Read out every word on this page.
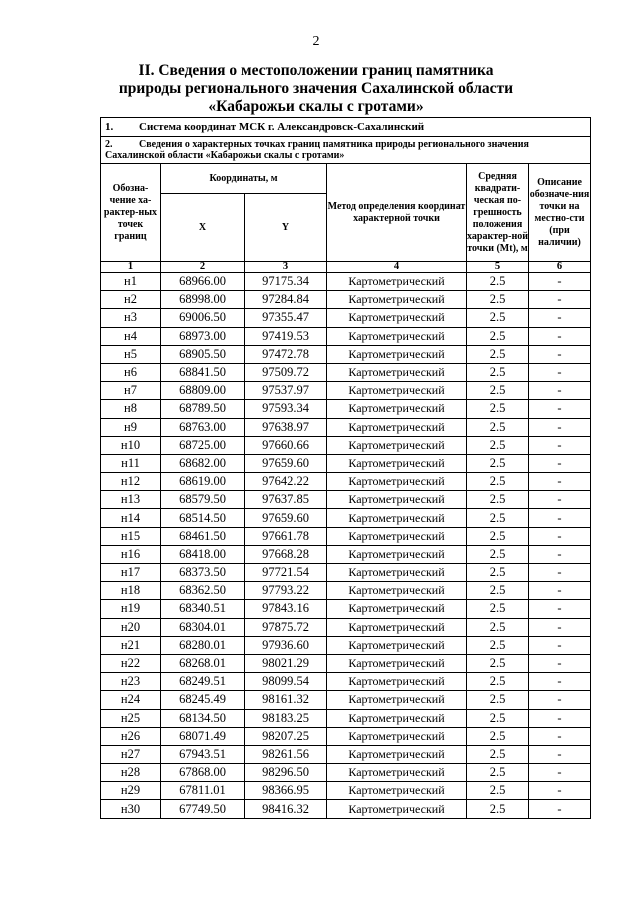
2
II. Сведения о местоположении границ памятника
природы регионального значения Сахалинской области
«Кабарожьи скалы с гротами»
1. Система координат МСК г. Александровск-Сахалинский					
2. Сведения о характерных точках границ памятника природы регионального значения Сахалинской области «Кабарожьи скалы с гротами»					
Обозна-чение ха-рактер-ных точек границ	Координаты, м		Метод определения координат характерной точки	Средняя квадрати-ческая по-грешность положения характер-ной точки (Mt), м	Описание обозначе-ния точки на местно-сти (при наличии)
	X	Y			
1	2	3	4	5	6
н1	68966.00	97175.34	Картометрический	2.5	-
н2	68998.00	97284.84	Картометрический	2.5	-
н3	69006.50	97355.47	Картометрический	2.5	-
н4	68973.00	97419.53	Картометрический	2.5	-
н5	68905.50	97472.78	Картометрический	2.5	-
н6	68841.50	97509.72	Картометрический	2.5	-
н7	68809.00	97537.97	Картометрический	2.5	-
н8	68789.50	97593.34	Картометрический	2.5	-
н9	68763.00	97638.97	Картометрический	2.5	-
н10	68725.00	97660.66	Картометрический	2.5	-
н11	68682.00	97659.60	Картометрический	2.5	-
н12	68619.00	97642.22	Картометрический	2.5	-
н13	68579.50	97637.85	Картометрический	2.5	-
н14	68514.50	97659.60	Картометрический	2.5	-
н15	68461.50	97661.78	Картометрический	2.5	-
н16	68418.00	97668.28	Картометрический	2.5	-
н17	68373.50	97721.54	Картометрический	2.5	-
н18	68362.50	97793.22	Картометрический	2.5	-
н19	68340.51	97843.16	Картометрический	2.5	-
н20	68304.01	97875.72	Картометрический	2.5	-
н21	68280.01	97936.60	Картометрический	2.5	-
н22	68268.01	98021.29	Картометрический	2.5	-
н23	68249.51	98099.54	Картометрический	2.5	-
н24	68245.49	98161.32	Картометрический	2.5	-
н25	68134.50	98183.25	Картометрический	2.5	-
н26	68071.49	98207.25	Картометрический	2.5	-
н27	67943.51	98261.56	Картометрический	2.5	-
н28	67868.00	98296.50	Картометрический	2.5	-
н29	67811.01	98366.95	Картометрический	2.5	-
н30	67749.50	98416.32	Картометрический	2.5	-
